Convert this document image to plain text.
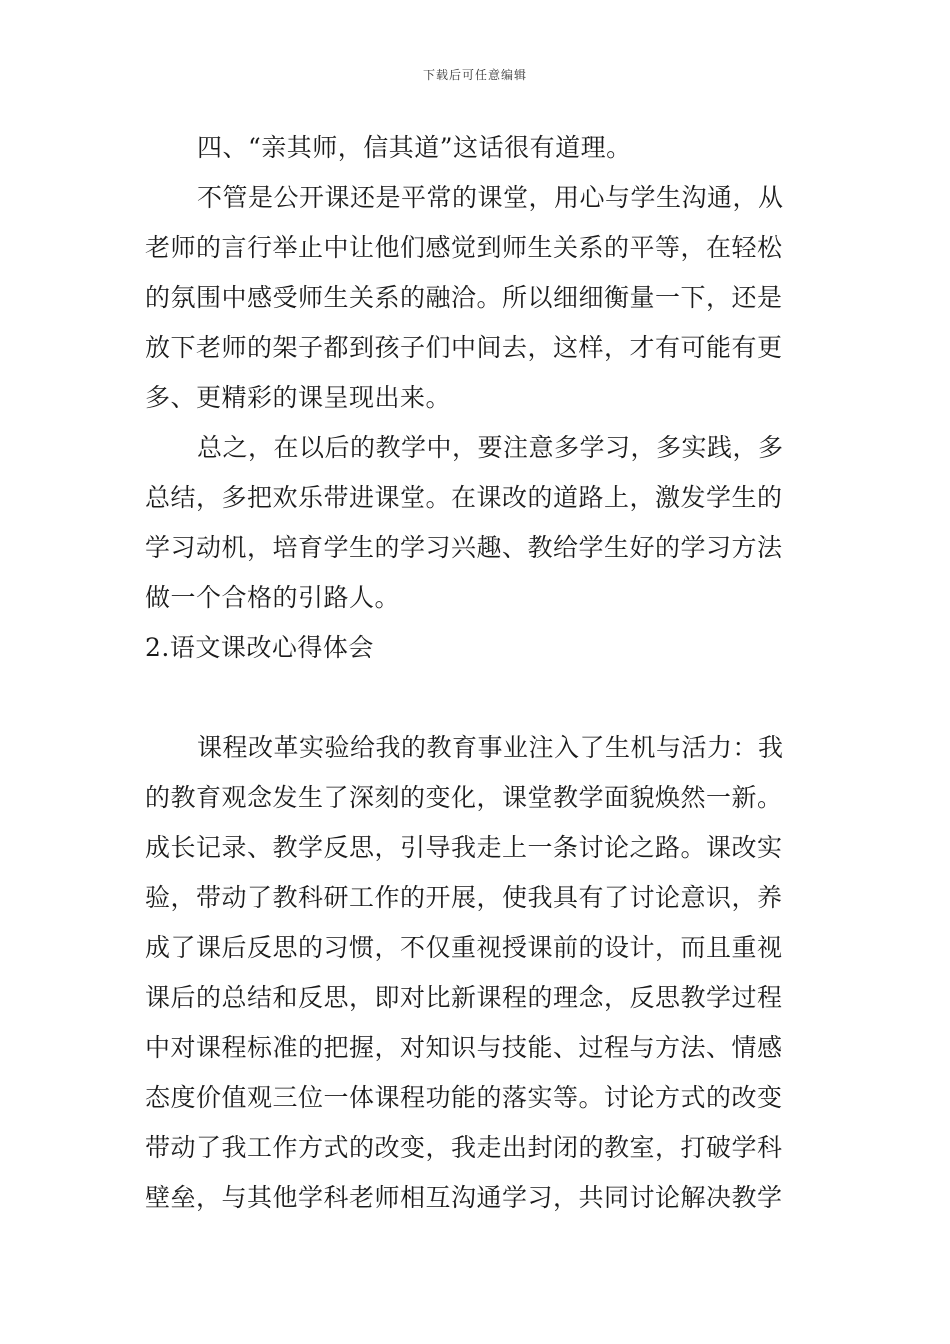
下载后可任意编辑
四、“亲其师，信其道”这话很有道理。
不管是公开课还是平常的课堂，用心与学生沟通，从
老师的言行举止中让他们感觉到师生关系的平等，在轻松
的氛围中感受师生关系的融洽。所以细细衡量一下，还是
放下老师的架子都到孩子们中间去，这样，才有可能有更
多、更精彩的课呈现出来。
总之，在以后的教学中，要注意多学习，多实践，多
总结，多把欢乐带进课堂。在课改的道路上，激发学生的
学习动机，培育学生的学习兴趣、教给学生好的学习方法
做一个合格的引路人。
2.语文课改心得体会
课程改革实验给我的教育事业注入了生机与活力：我
的教育观念发生了深刻的变化，课堂教学面貌焕然一新。
成长记录、教学反思，引导我走上一条讨论之路。课改实
验，带动了教科研工作的开展，使我具有了讨论意识，养
成了课后反思的习惯，不仅重视授课前的设计，而且重视
课后的总结和反思，即对比新课程的理念，反思教学过程
中对课程标准的把握，对知识与技能、过程与方法、情感
态度价值观三位一体课程功能的落实等。讨论方式的改变
带动了我工作方式的改变，我走出封闭的教室，打破学科
壁垒，与其他学科老师相互沟通学习，共同讨论解决教学
